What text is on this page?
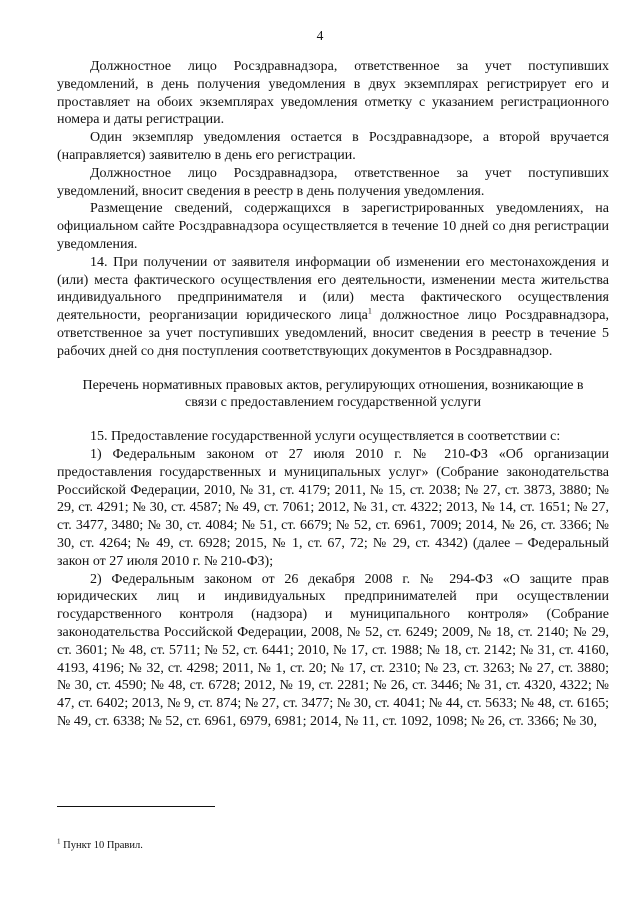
4

Должностное лицо Росздравнадзора, ответственное за учет поступивших уведомлений, в день получения уведомления в двух экземплярах регистрирует его и проставляет на обоих экземплярах уведомления отметку с указанием регистрационного номера и даты регистрации.

Один экземпляр уведомления остается в Росздравнадзоре, а второй вручается (направляется) заявителю в день его регистрации.

Должностное лицо Росздравнадзора, ответственное за учет поступивших уведомлений, вносит сведения в реестр в день получения уведомления.

Размещение сведений, содержащихся в зарегистрированных уведомлениях, на официальном сайте Росздравнадзора осуществляется в течение 10 дней со дня регистрации уведомления.

14. При получении от заявителя информации об изменении его местонахождения и (или) места фактического осуществления его деятельности, изменении места жительства индивидуального предпринимателя и (или) места фактического осуществления деятельности, реорганизации юридического лица$^1$ должностное лицо Росздравнадзора, ответственное за учет поступивших уведомлений, вносит сведения в реестр в течение 5 рабочих дней со дня поступления соответствующих документов в Росздравнадзор.

Перечень нормативных правовых актов, регулирующих отношения, возникающие в связи с предоставлением государственной услуги

15. Предоставление государственной услуги осуществляется в соответствии с:

1) Федеральным законом от 27 июля 2010 г. № 210-ФЗ «Об организации предоставления государственных и муниципальных услуг» (Собрание законодательства Российской Федерации, 2010, № 31, ст. 4179; 2011, № 15, ст. 2038; № 27, ст. 3873, 3880; № 29, ст. 4291; № 30, ст. 4587; № 49, ст. 7061; 2012, № 31, ст. 4322; 2013, № 14, ст. 1651; № 27, ст. 3477, 3480; № 30, ст. 4084; № 51, ст. 6679; № 52, ст. 6961, 7009; 2014, № 26, ст. 3366; № 30, ст. 4264; № 49, ст. 6928; 2015, № 1, ст. 67, 72; № 29, ст. 4342) (далее – Федеральный закон от 27 июля 2010 г. № 210-ФЗ);

2) Федеральным законом от 26 декабря 2008 г. № 294-ФЗ «О защите прав юридических лиц и индивидуальных предпринимателей при осуществлении государственного контроля (надзора) и муниципального контроля» (Собрание законодательства Российской Федерации, 2008, № 52, ст. 6249; 2009, № 18, ст. 2140; № 29, ст. 3601; № 48, ст. 5711; № 52, ст. 6441; 2010, № 17, ст. 1988; № 18, ст. 2142; № 31, ст. 4160, 4193, 4196; № 32, ст. 4298; 2011, № 1, ст. 20; № 17, ст. 2310; № 23, ст. 3263; № 27, ст. 3880; № 30, ст. 4590; № 48, ст. 6728; 2012, № 19, ст. 2281; № 26, ст. 3446; № 31, ст. 4320, 4322; № 47, ст. 6402; 2013, № 9, ст. 874; № 27, ст. 3477; № 30, ст. 4041; № 44, ст. 5633; № 48, ст. 6165; № 49, ст. 6338; № 52, ст. 6961, 6979, 6981; 2014, № 11, ст. 1092, 1098; № 26, ст. 3366; № 30,

$^1$ Пункт 10 Правил.
